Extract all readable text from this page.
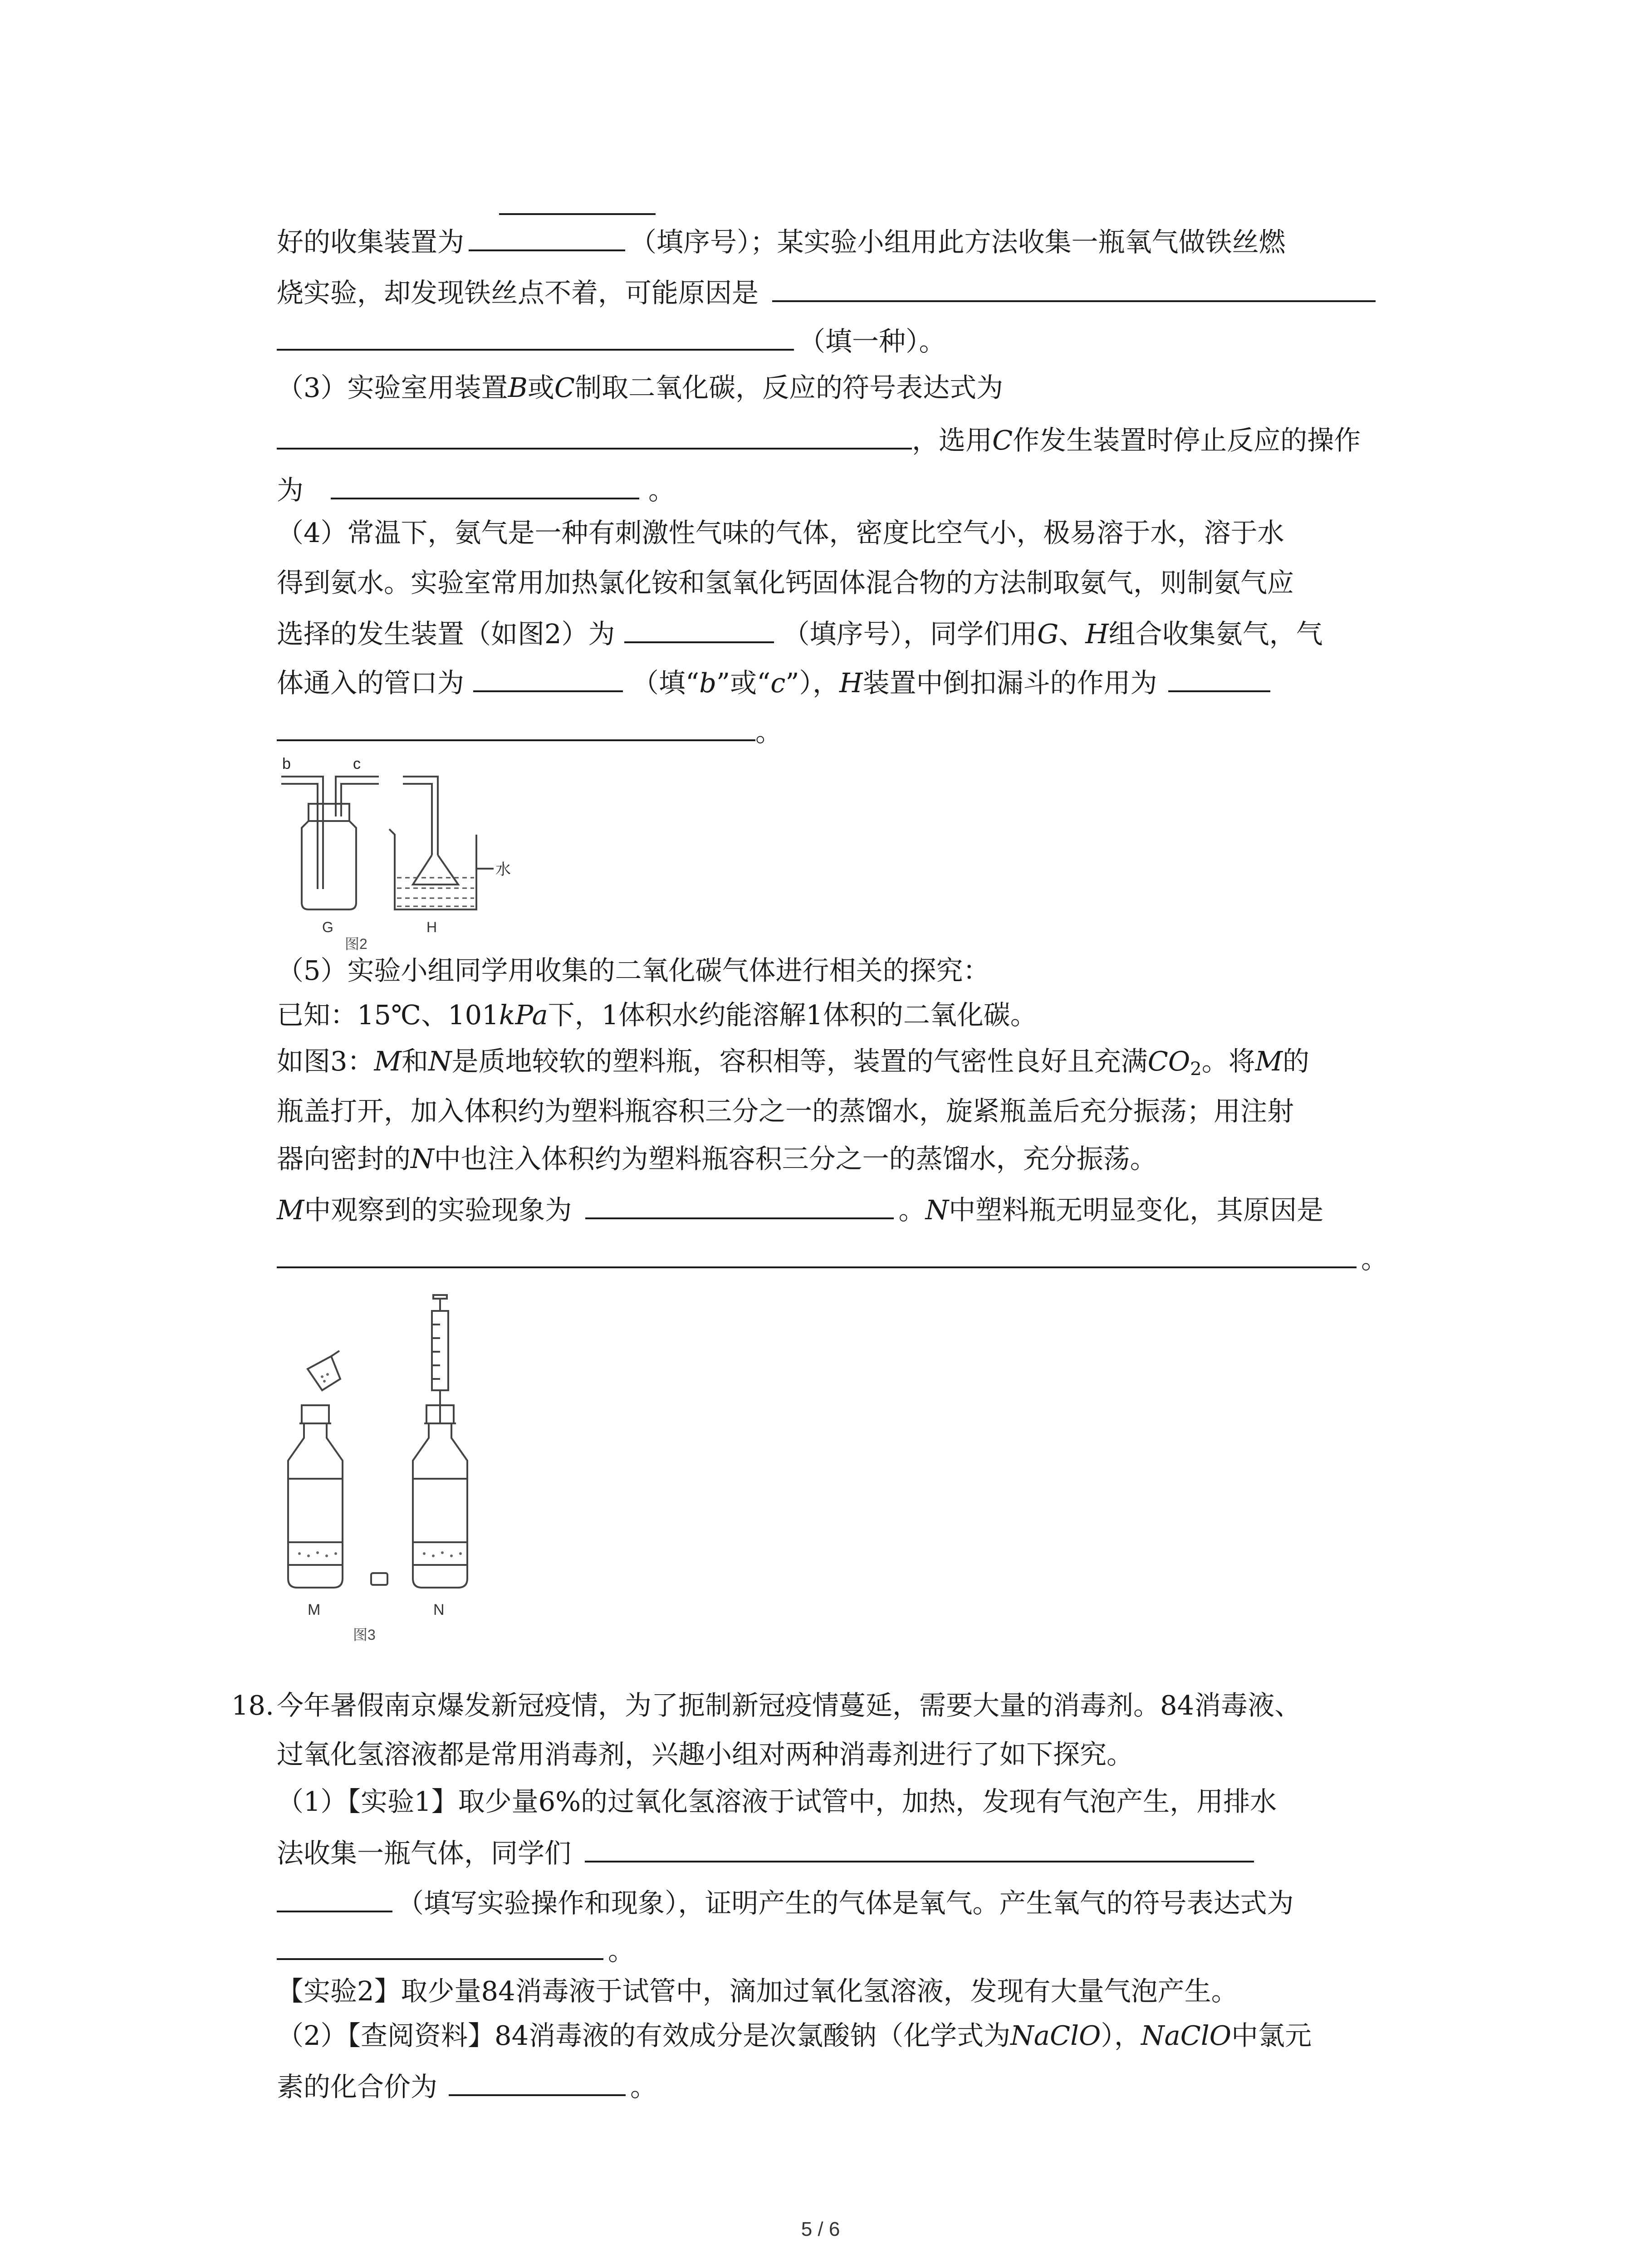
好的收集装置为	（填序号）；某实验小组用此方法收集一瓶氧气做铁丝燃
烧实验，却发现铁丝点不着，可能原因是
（填一种）。
（3）实验室用装置B或C制取二氧化碳，反应的符号表达式为
，选用C作发生装置时停止反应的操作
为	。
（4）常温下，氨气是一种有刺激性气味的气体，密度比空气小，极易溶于水，溶于水
得到氨水。实验室常用加热氯化铵和氢氧化钙固体混合物的方法制取氨气，则制氨气应
选择的发生装置（如图2）为	（填序号），同学们用G、H组合收集氨气，气
体通入的管口为	（填“b”或“c”），H装置中倒扣漏斗的作用为
。
b	c
水
G	H
图2
（5）实验小组同学用收集的二氧化碳气体进行相关的探究：
已知：15℃、101kPa下，1体积水约能溶解1体积的二氧化碳。
如图3：M和N是质地较软的塑料瓶，容积相等，装置的气密性良好且充满$CO_2$。将M的
瓶盖打开，加入体积约为塑料瓶容积三分之一的蒸馏水，旋紧瓶盖后充分振荡；用注射
器向密封的N中也注入体积约为塑料瓶容积三分之一的蒸馏水，充分振荡。
M中观察到的实验现象为	。N中塑料瓶无明显变化，其原因是
。
M	N
图3
18. 今年暑假南京爆发新冠疫情，为了扼制新冠疫情蔓延，需要大量的消毒剂。84消毒液、
过氧化氢溶液都是常用消毒剂，兴趣小组对两种消毒剂进行了如下探究。
（1）【实验1】取少量6%的过氧化氢溶液于试管中，加热，发现有气泡产生，用排水
法收集一瓶气体，同学们
（填写实验操作和现象），证明产生的气体是氧气。产生氧气的符号表达式为
。
【实验2】取少量84消毒液于试管中，滴加过氧化氢溶液，发现有大量气泡产生。
（2）【查阅资料】84消毒液的有效成分是次氯酸钠（化学式为NaClO），NaClO中氯元
素的化合价为	。
5 / 6
